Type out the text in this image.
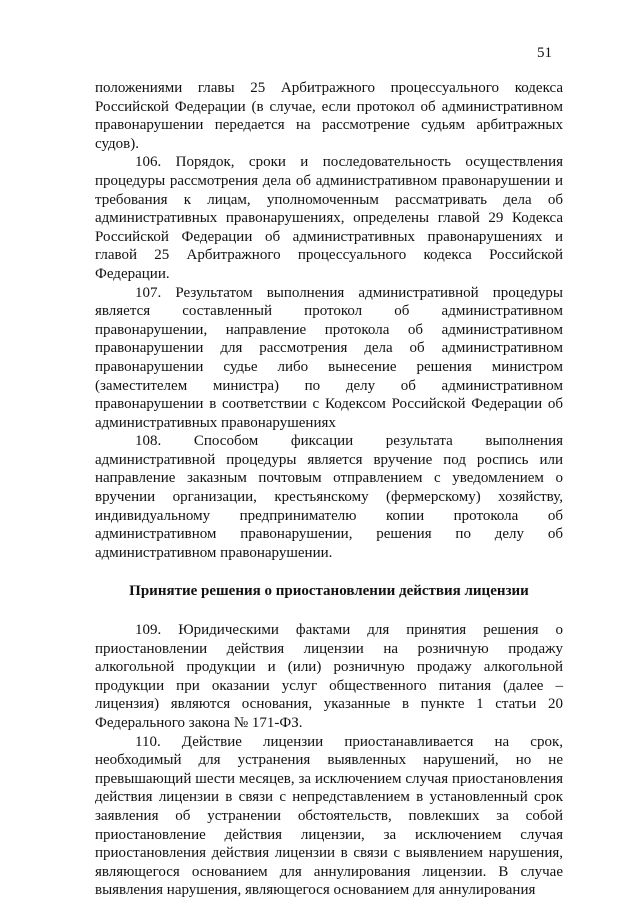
51

положениями главы 25 Арбитражного процессуального кодекса Российской Федерации (в случае, если протокол об административном правонарушении передается на рассмотрение судьям арбитражных судов).

106. Порядок, сроки и последовательность осуществления процедуры рассмотрения дела об административном правонарушении и требования к лицам, уполномоченным рассматривать дела об административных правонарушениях, определены главой 29 Кодекса Российской Федерации об административных правонарушениях и главой 25 Арбитражного процессуального кодекса Российской Федерации.

107. Результатом выполнения административной процедуры является составленный протокол об административном правонарушении, направление протокола об административном правонарушении для рассмотрения дела об административном правонарушении судье либо вынесение решения министром (заместителем министра) по делу об административном правонарушении в соответствии с Кодексом Российской Федерации об административных правонарушениях

108. Способом фиксации результата выполнения административной процедуры является вручение под роспись или направление заказным почтовым отправлением с уведомлением о вручении организации, крестьянскому (фермерскому) хозяйству, индивидуальному предпринимателю копии протокола об административном правонарушении, решения по делу об административном правонарушении.

Принятие решения о приостановлении действия лицензии

109. Юридическими фактами для принятия решения о приостановлении действия лицензии на розничную продажу алкогольной продукции и (или) розничную продажу алкогольной продукции при оказании услуг общественного питания (далее – лицензия) являются основания, указанные в пункте 1 статьи 20 Федерального закона № 171-ФЗ.

110. Действие лицензии приостанавливается на срок, необходимый для устранения выявленных нарушений, но не превышающий шести месяцев, за исключением случая приостановления действия лицензии в связи с непредставлением в установленный срок заявления об устранении обстоятельств, повлекших за собой приостановление действия лицензии, за исключением случая приостановления действия лицензии в связи с выявлением нарушения, являющегося основанием для аннулирования лицензии. В случае выявления нарушения, являющегося основанием для аннулирования
